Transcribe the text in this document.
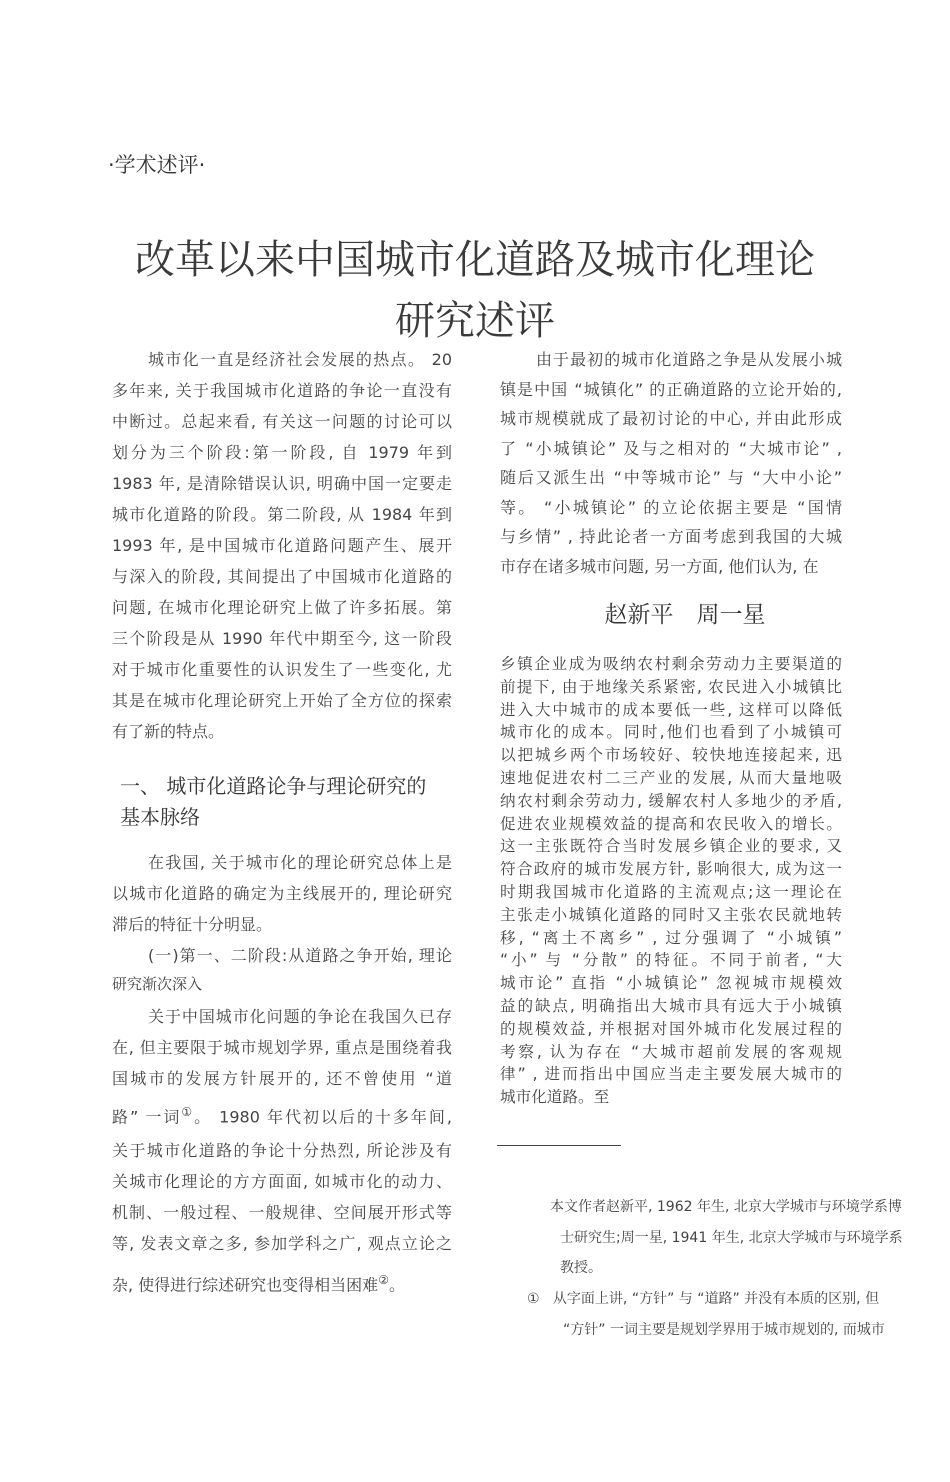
·学术述评·
改革以来中国城市化道路及城市化理论
研究述评
城市化一直是经济社会发展的热点。 20
多年来, 关于我国城市化道路的争论一直没有
中断过。总起来看, 有关这一问题的讨论可以
划分为三个阶段:第一阶段, 自 1979 年到
1983 年, 是清除错误认识, 明确中国一定要走
城市化道路的阶段。第二阶段, 从 1984 年到
1993 年, 是中国城市化道路问题产生、展开
与深入的阶段, 其间提出了中国城市化道路的
问题, 在城市化理论研究上做了许多拓展。第
三个阶段是从 1990 年代中期至今, 这一阶段
对于城市化重要性的认识发生了一些变化, 尤
其是在城市化理论研究上开始了全方位的探索
有了新的特点。
一、 城市化道路论争与理论研究的
基本脉络
在我国, 关于城市化的理论研究总体上是
以城市化道路的确定为主线展开的, 理论研究
滞后的特征十分明显。
(一)第一、二阶段:从道路之争开始, 理论
研究渐次深入
关于中国城市化问题的争论在我国久已存
在, 但主要限于城市规划学界, 重点是围绕着我
国城市的发展方针展开的, 还不曾使用 “道
路” 一词①。 1980 年代初以后的十多年间,
关于城市化道路的争论十分热烈, 所论涉及有
关城市化理论的方方面面, 如城市化的动力、
机制、一般过程、一般规律、空间展开形式等
等, 发表文章之多, 参加学科之广, 观点立论之
杂, 使得进行综述研究也变得相当困难②。
由于最初的城市化道路之争是从发展小城
镇是中国 “城镇化” 的正确道路的立论开始的,
城市规模就成了最初讨论的中心, 并由此形成
了 “小城镇论” 及与之相对的 “大城市论” ,
随后又派生出 “中等城市论” 与 “大中小论”
等。 “小城镇论” 的立论依据主要是 “国情
与乡情” , 持此论者一方面考虑到我国的大城
市存在诸多城市问题, 另一方面, 他们认为, 在
赵新平　周一星
乡镇企业成为吸纳农村剩余劳动力主要渠道的
前提下, 由于地缘关系紧密, 农民进入小城镇比
进入大中城市的成本要低一些, 这样可以降低
城市化的成本。同时,他们也看到了小城镇可
以把城乡两个市场较好、较快地连接起来, 迅
速地促进农村二三产业的发展, 从而大量地吸
纳农村剩余劳动力, 缓解农村人多地少的矛盾,
促进农业规模效益的提高和农民收入的增长。
这一主张既符合当时发展乡镇企业的要求, 又
符合政府的城市发展方针, 影响很大, 成为这一
时期我国城市化道路的主流观点;这一理论在
主张走小城镇化道路的同时又主张农民就地转
移, “离土不离乡” , 过分强调了 “小城镇”
“小” 与 “分散” 的特征。不同于前者, “大
城市论” 直指 “小城镇论” 忽视城市规模效
益的缺点, 明确指出大城市具有远大于小城镇
的规模效益, 并根据对国外城市化发展过程的
考察, 认为存在 “大城市超前发展的客观规
律” , 进而指出中国应当走主要发展大城市的
城市化道路。至
本文作者赵新平, 1962 年生, 北京大学城市与环境学系博
士研究生;周一星, 1941 年生, 北京大学城市与环境学系
教授。
① 从字面上讲, “方针” 与 “道路” 并没有本质的区别, 但
“方针” 一词主要是规划学界用于城市规划的, 而城市
